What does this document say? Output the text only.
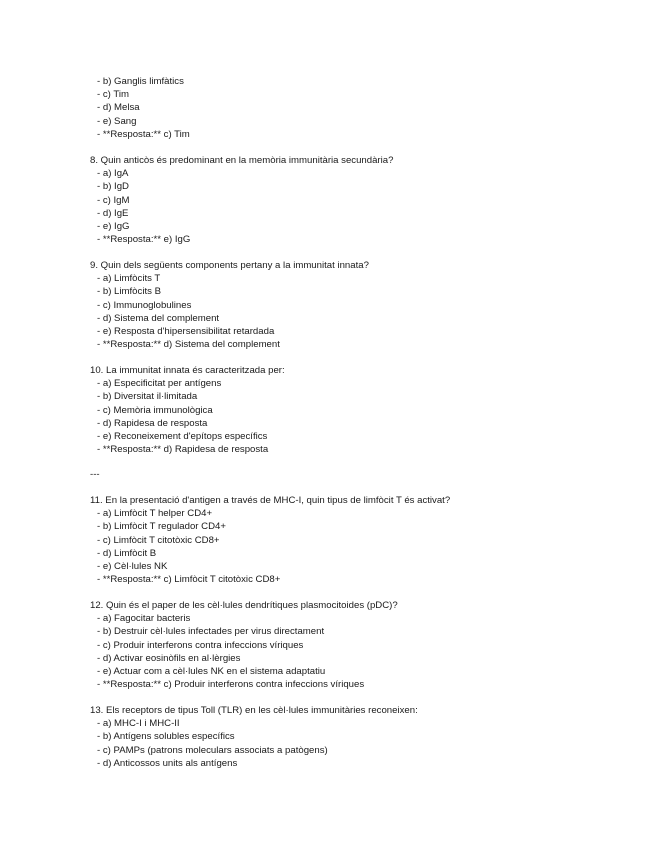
- b) Ganglis limfàtics
- c) Tim
- d) Melsa
- e) Sang
- **Resposta:** c) Tim
8. Quin anticòs és predominant en la memòria immunitària secundària?
- a) IgA
- b) IgD
- c) IgM
- d) IgE
- e) IgG
- **Resposta:** e) IgG
9. Quin dels següents components pertany a la immunitat innata?
- a) Limfòcits T
- b) Limfòcits B
- c) Immunoglobulines
- d) Sistema del complement
- e) Resposta d'hipersensibilitat retardada
- **Resposta:** d) Sistema del complement
10. La immunitat innata és caracteritzada per:
- a) Especificitat per antígens
- b) Diversitat il·limitada
- c) Memòria immunològica
- d) Rapidesa de resposta
- e) Reconeixement d'epítops específics
- **Resposta:** d) Rapidesa de resposta
---
11. En la presentació d'antigen a través de MHC-I, quin tipus de limfòcit T és activat?
- a) Limfòcit T helper CD4+
- b) Limfòcit T regulador CD4+
- c) Limfòcit T citotòxic CD8+
- d) Limfòcit B
- e) Cèl·lules NK
- **Resposta:** c) Limfòcit T citotòxic CD8+
12. Quin és el paper de les cèl·lules dendrítiques plasmocitoides (pDC)?
- a) Fagocitar bacteris
- b) Destruir cèl·lules infectades per virus directament
- c) Produir interferons contra infeccions víriques
- d) Activar eosinòfils en al·lèrgies
- e) Actuar com a cèl·lules NK en el sistema adaptatiu
- **Resposta:** c) Produir interferons contra infeccions víriques
13. Els receptors de tipus Toll (TLR) en les cèl·lules immunitàries reconeixen:
- a) MHC-I i MHC-II
- b) Antígens solubles específics
- c) PAMPs (patrons moleculars associats a patògens)
- d) Anticossos units als antígens
